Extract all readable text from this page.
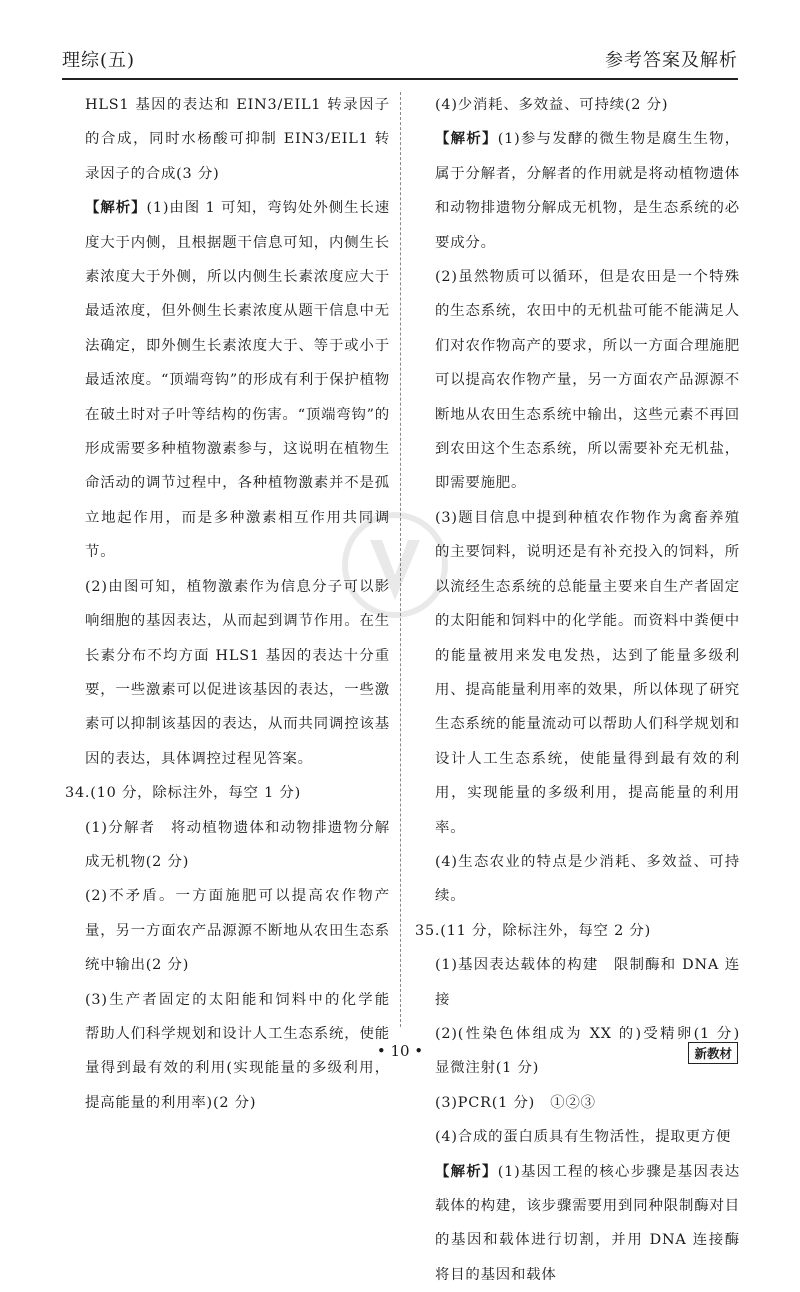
理综(五)	参考答案及解析

HLS1 基因的表达和 EIN3/EIL1 转录因子的合成，同时水杨酸可抑制 EIN3/EIL1 转录因子的合成(3 分)

【解析】(1)由图 1 可知，弯钩处外侧生长速度大于内侧，且根据题干信息可知，内侧生长素浓度大于外侧，所以内侧生长素浓度应大于最适浓度，但外侧生长素浓度从题干信息中无法确定，即外侧生长素浓度大于、等于或小于最适浓度。“顶端弯钩”的形成有利于保护植物在破土时对子叶等结构的伤害。“顶端弯钩”的形成需要多种植物激素参与，这说明在植物生命活动的调节过程中，各种植物激素并不是孤立地起作用，而是多种激素相互作用共同调节。

(2)由图可知，植物激素作为信息分子可以影响细胞的基因表达，从而起到调节作用。在生长素分布不均方面 HLS1 基因的表达十分重要，一些激素可以促进该基因的表达，一些激素可以抑制该基因的表达，从而共同调控该基因的表达，具体调控过程见答案。

34.(10 分，除标注外，每空 1 分)

(1)分解者　将动植物遗体和动物排遗物分解成无机物(2 分)

(2)不矛盾。一方面施肥可以提高农作物产量，另一方面农产品源源不断地从农田生态系统中输出(2 分)

(3)生产者固定的太阳能和饲料中的化学能　帮助人们科学规划和设计人工生态系统，使能量得到最有效的利用(实现能量的多级利用，提高能量的利用率)(2 分)

(4)少消耗、多效益、可持续(2 分)

【解析】(1)参与发酵的微生物是腐生生物，属于分解者，分解者的作用就是将动植物遗体和动物排遗物分解成无机物，是生态系统的必要成分。

(2)虽然物质可以循环，但是农田是一个特殊的生态系统，农田中的无机盐可能不能满足人们对农作物高产的要求，所以一方面合理施肥可以提高农作物产量，另一方面农产品源源不断地从农田生态系统中输出，这些元素不再回到农田这个生态系统，所以需要补充无机盐，即需要施肥。

(3)题目信息中提到种植农作物作为禽畜养殖的主要饲料，说明还是有补充投入的饲料，所以流经生态系统的总能量主要来自生产者固定的太阳能和饲料中的化学能。而资料中粪便中的能量被用来发电发热，达到了能量多级利用、提高能量利用率的效果，所以体现了研究生态系统的能量流动可以帮助人们科学规划和设计人工生态系统，使能量得到最有效的利用，实现能量的多级利用，提高能量的利用率。

(4)生态农业的特点是少消耗、多效益、可持续。

35.(11 分，除标注外，每空 2 分)

(1)基因表达载体的构建　限制酶和 DNA 连接

(2)(性染色体组成为 XX 的)受精卵(1 分)　显微注射(1 分)

(3)PCR(1 分)　①②③

(4)合成的蛋白质具有生物活性，提取更方便

【解析】(1)基因工程的核心步骤是基因表达载体的构建，该步骤需要用到同种限制酶对目的基因和载体进行切割，并用 DNA 连接酶将目的基因和载体

• 10 •	新教材
